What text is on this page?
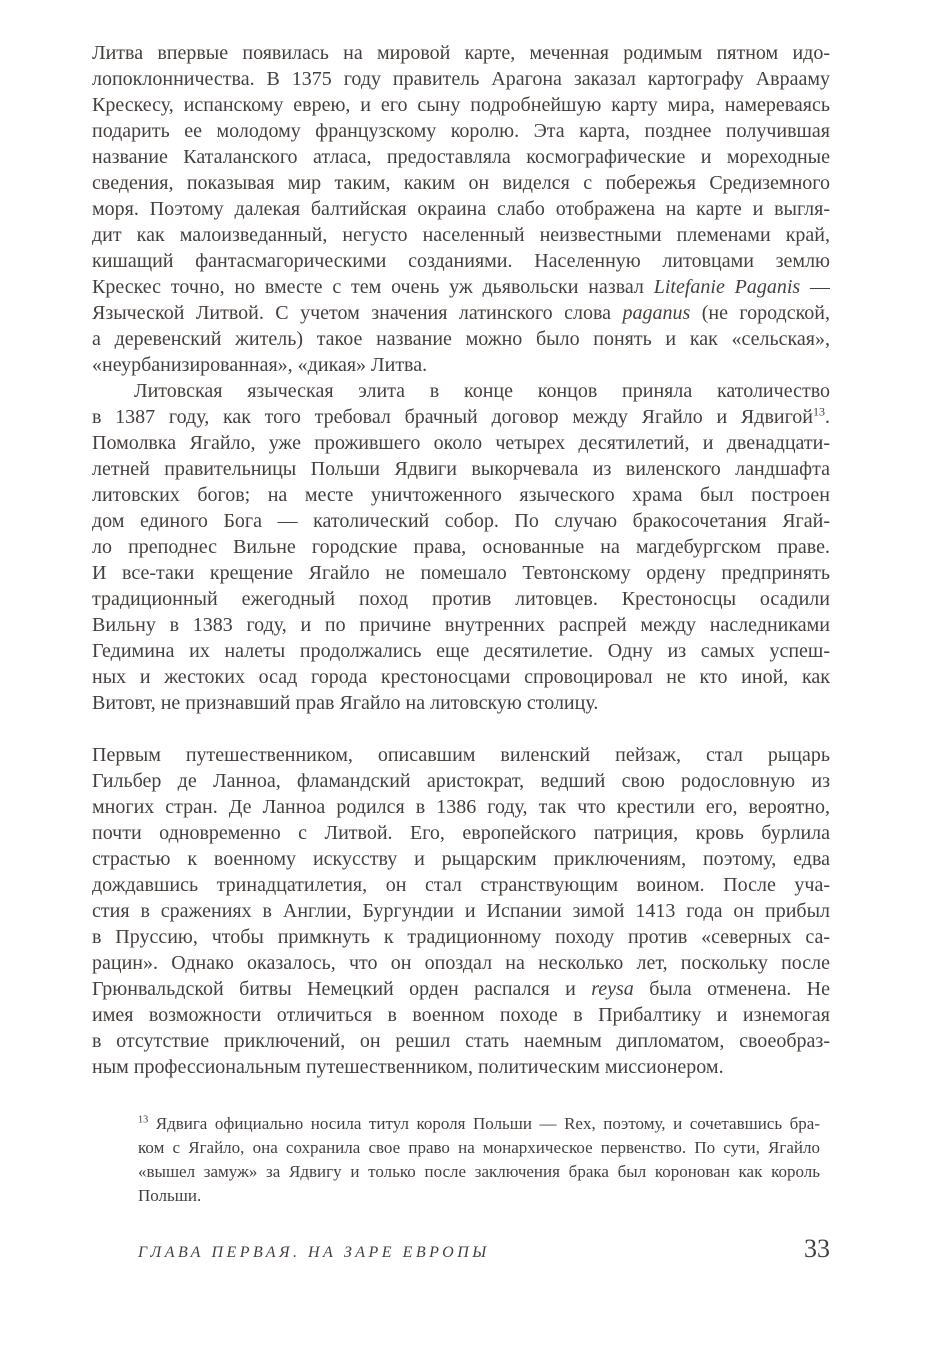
Литва впервые появилась на мировой карте, меченная родимым пятном идо-
лопоклонничества. В 1375 году правитель Арагона заказал картографу Аврааму
Крескесу, испанскому еврею, и его сыну подробнейшую карту мира, намереваясь
подарить ее молодому французскому королю. Эта карта, позднее получившая
название Каталанского атласа, предоставляла космографические и мореходные
сведения, показывая мир таким, каким он виделся с побережья Средиземного
моря. Поэтому далекая балтийская окраина слабо отображена на карте и выгля-
дит как малоизведанный, негусто населенный неизвестными племенами край,
кишащий фантасмагорическими созданиями. Населенную литовцами землю
Крескес точно, но вместе с тем очень уж дьявольски назвал Litefanie Paganis —
Языческой Литвой. С учетом значения латинского слова paganus (не городской,
а деревенский житель) такое название можно было понять и как «сельская»,
«неурбанизированная», «дикая» Литва.
Литовская языческая элита в конце концов приняла католичество
в 1387 году, как того требовал брачный договор между Ягайло и Ядвигой$^{13}$.
Помолвка Ягайло, уже прожившего около четырех десятилетий, и двенадцати-
летней правительницы Польши Ядвиги выкорчевала из виленского ландшафта
литовских богов; на месте уничтоженного языческого храма был построен
дом единого Бога — католический собор. По случаю бракосочетания Ягай-
ло преподнес Вильне городские права, основанные на магдебургском праве.
И все-таки крещение Ягайло не помешало Тевтонскому ордену предпринять
традиционный ежегодный поход против литовцев. Крестоносцы осадили
Вильну в 1383 году, и по причине внутренних распрей между наследниками
Гедимина их налеты продолжались еще десятилетие. Одну из самых успеш-
ных и жестоких осад города крестоносцами спровоцировал не кто иной, как
Витовт, не признавший прав Ягайло на литовскую столицу.
Первым путешественником, описавшим виленский пейзаж, стал рыцарь
Гильбер де Ланноа, фламандский аристократ, ведший свою родословную из
многих стран. Де Ланноа родился в 1386 году, так что крестили его, вероятно,
почти одновременно с Литвой. Его, европейского патриция, кровь бурлила
страстью к военному искусству и рыцарским приключениям, поэтому, едва
дождавшись тринадцатилетия, он стал странствующим воином. После уча-
стия в сражениях в Англии, Бургундии и Испании зимой 1413 года он прибыл
в Пруссию, чтобы примкнуть к традиционному походу против «северных са-
рацин». Однако оказалось, что он опоздал на несколько лет, поскольку после
Грюнвальдской битвы Немецкий орден распался и reysa была отменена. Не
имея возможности отличиться в военном походе в Прибалтику и изнемогая
в отсутствие приключений, он решил стать наемным дипломатом, своеобраз-
ным профессиональным путешественником, политическим миссионером.
$^{13}$ Ядвига официально носила титул короля Польши — Rex, поэтому, и сочетавшись бра-
ком с Ягайло, она сохранила свое право на монархическое первенство. По сути, Ягайло
«вышел замуж» за Ядвигу и только после заключения брака был коронован как король
Польши.
ГЛАВА ПЕРВАЯ. НА ЗАРЕ ЕВРОПЫ	33
